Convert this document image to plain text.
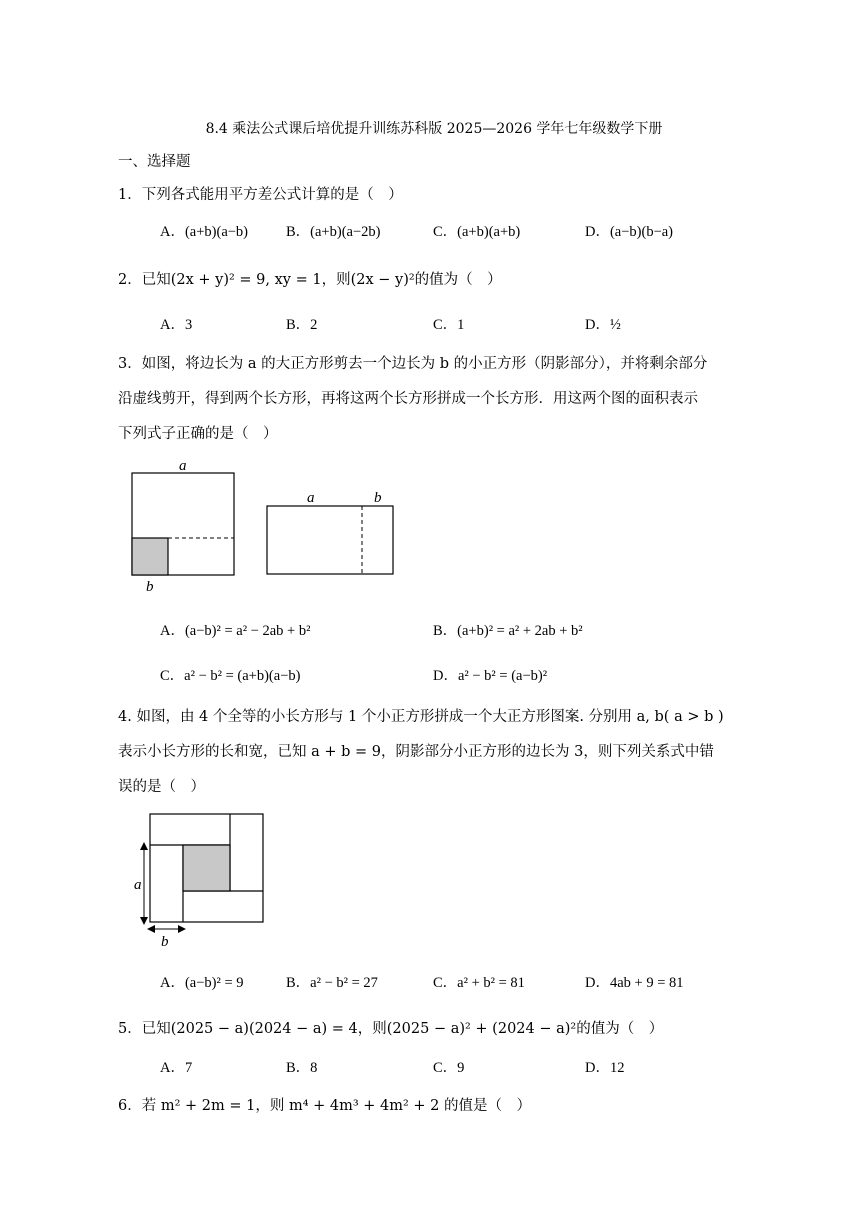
8.4 乘法公式课后培优提升训练苏科版 2025—2026 学年七年级数学下册
一、选择题
1．下列各式能用平方差公式计算的是（　）
A．(a+b)(a−b)	B．(a+b)(a−2b)	C．(a+b)(a+b)	D．(a−b)(b−a)
2．已知(2x + y)² = 9, xy = 1，则(2x − y)²的值为（　）
A．3	B．2	C．1	D．½
3．如图，将边长为 a 的大正方形剪去一个边长为 b 的小正方形（阴影部分），并将剩余部分
沿虚线剪开，得到两个长方形，再将这两个长方形拼成一个长方形．用这两个图的面积表示
下列式子正确的是（　）
a
b
a	b
A．(a−b)² = a² − 2ab + b²	B．(a+b)² = a² + 2ab + b²
C．a² − b² = (a+b)(a−b)	D．a² − b² = (a−b)²
4. 如图，由 4 个全等的小长方形与 1 个小正方形拼成一个大正方形图案. 分别用 a, b( a > b )
表示小长方形的长和宽，已知 a + b = 9，阴影部分小正方形的边长为 3，则下列关系式中错
误的是（　）
a
b
A．(a−b)² = 9	B．a² − b² = 27	C．a² + b² = 81	D．4ab + 9 = 81
5．已知(2025 − a)(2024 − a) = 4，则(2025 − a)² + (2024 − a)²的值为（　）
A．7	B．8	C．9	D．12
6．若 m² + 2m = 1，则 m⁴ + 4m³ + 4m² + 2 的值是（　）
